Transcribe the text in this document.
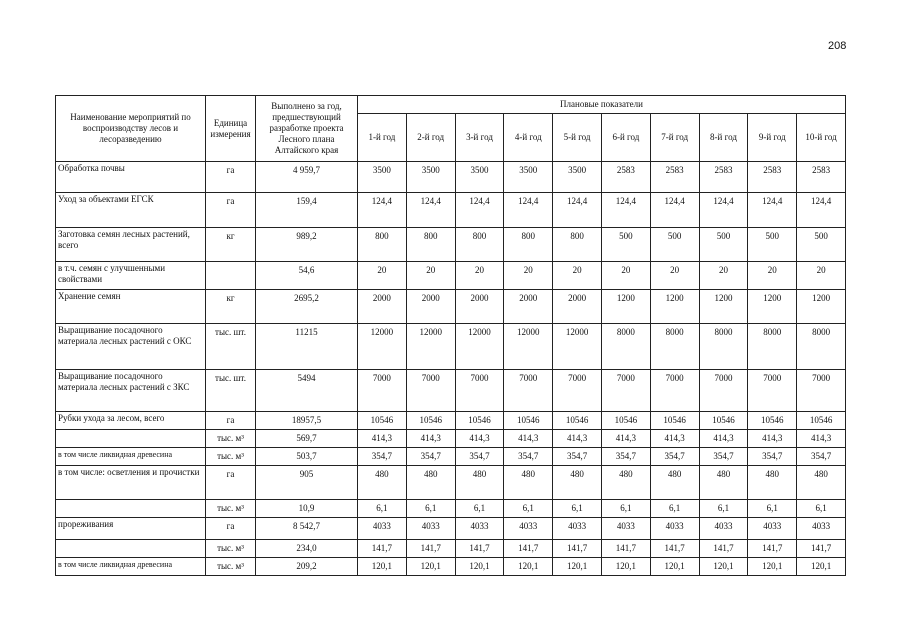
208
Наименование мероприятий по воспроизводству лесов и лесоразведению	Единица измерения	Выполнено за год, предшествующий разработке проекта Лесного плана Алтайского края	Плановые показатели									
			1-й год	2-й год	3-й год	4-й год	5-й год	6-й год	7-й год	8-й год	9-й год	10-й год
Обработка почвы	га	4 959,7	3500	3500	3500	3500	3500	2583	2583	2583	2583	2583
Уход за объектами ЕГСК	га	159,4	124,4	124,4	124,4	124,4	124,4	124,4	124,4	124,4	124,4	124,4
Заготовка семян лесных растений, всего	кг	989,2	800	800	800	800	800	500	500	500	500	500
в т.ч. семян с улучшенными свойствами		54,6	20	20	20	20	20	20	20	20	20	20
Хранение семян	кг	2695,2	2000	2000	2000	2000	2000	1200	1200	1200	1200	1200
Выращивание посадочного материала лесных растений с ОКС	тыс. шт.	11215	12000	12000	12000	12000	12000	8000	8000	8000	8000	8000
Выращивание посадочного материала лесных растений с ЗКС	тыс. шт.	5494	7000	7000	7000	7000	7000	7000	7000	7000	7000	7000
Рубки ухода за лесом, всего	га	18957,5	10546	10546	10546	10546	10546	10546	10546	10546	10546	10546
	тыс. м³	569,7	414,3	414,3	414,3	414,3	414,3	414,3	414,3	414,3	414,3	414,3
в том числе ликвидная древесина	тыс. м³	503,7	354,7	354,7	354,7	354,7	354,7	354,7	354,7	354,7	354,7	354,7
в том числе: осветления и прочистки	га	905	480	480	480	480	480	480	480	480	480	480
	тыс. м³	10,9	6,1	6,1	6,1	6,1	6,1	6,1	6,1	6,1	6,1	6,1
прореживания	га	8 542,7	4033	4033	4033	4033	4033	4033	4033	4033	4033	4033
	тыс. м³	234,0	141,7	141,7	141,7	141,7	141,7	141,7	141,7	141,7	141,7	141,7
в том числе ликвидная древесина	тыс. м³	209,2	120,1	120,1	120,1	120,1	120,1	120,1	120,1	120,1	120,1	120,1
